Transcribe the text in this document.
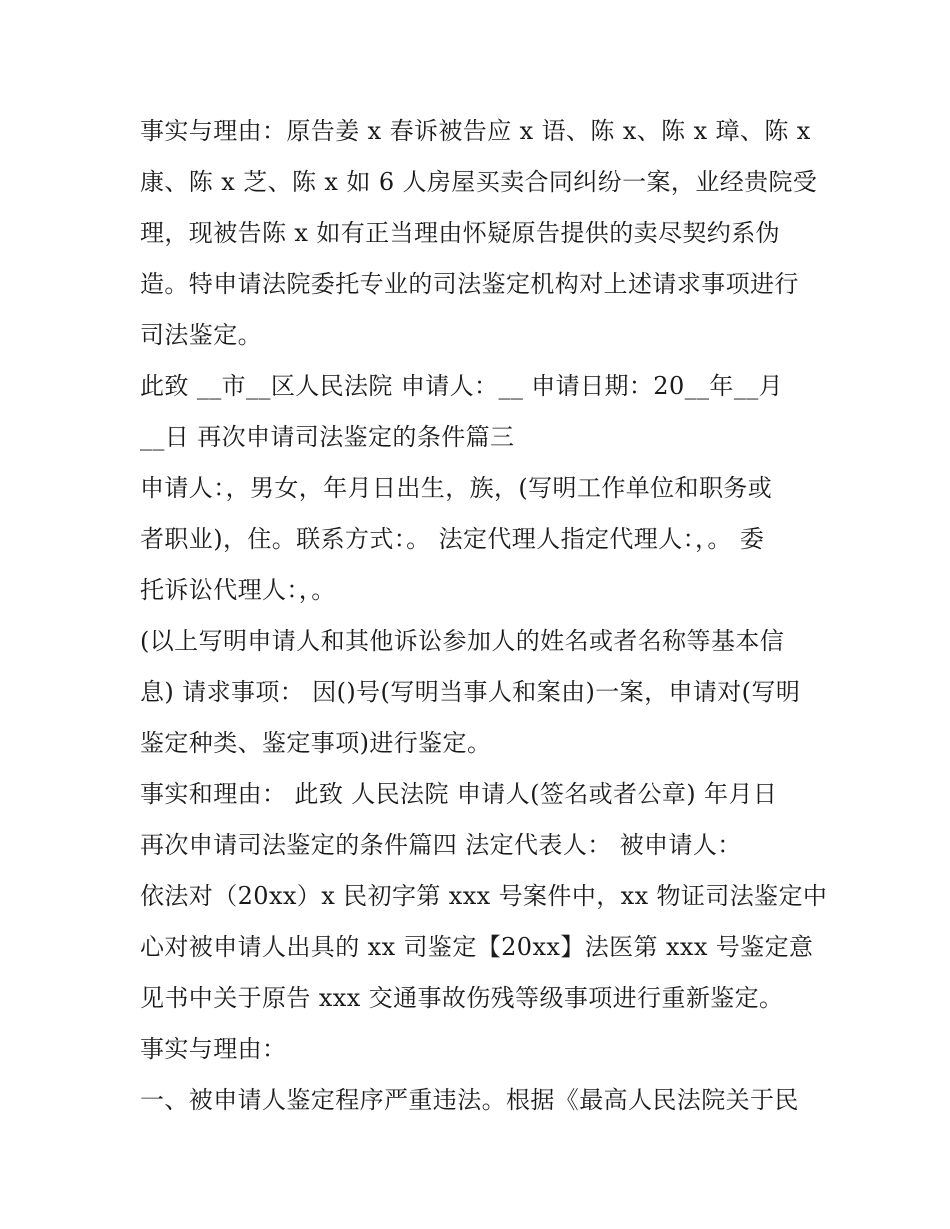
事实与理由：原告姜 x 春诉被告应 x 语、陈 x、陈 x 璋、陈 x
康、陈 x 芝、陈 x 如 6 人房屋买卖合同纠纷一案，业经贵院受
理，现被告陈 x 如有正当理由怀疑原告提供的卖尽契约系伪
造。特申请法院委托专业的司法鉴定机构对上述请求事项进行
司法鉴定。
此致 __市__区人民法院 申请人：__ 申请日期：20__年__月
__日 再次申请司法鉴定的条件篇三
申请人：，男女，年月日出生，族，(写明工作单位和职务或
者职业)，住。联系方式：。 法定代理人指定代理人：，。 委
托诉讼代理人：，。
(以上写明申请人和其他诉讼参加人的姓名或者名称等基本信
息) 请求事项： 因()号(写明当事人和案由)一案，申请对(写明
鉴定种类、鉴定事项)进行鉴定。
事实和理由： 此致 人民法院 申请人(签名或者公章) 年月日
再次申请司法鉴定的条件篇四 法定代表人： 被申请人：
依法对（20xx）x 民初字第 xxx 号案件中，xx 物证司法鉴定中
心对被申请人出具的 xx 司鉴定【20xx】法医第 xxx 号鉴定意
见书中关于原告 xxx 交通事故伤残等级事项进行重新鉴定。
事实与理由：
一、被申请人鉴定程序严重违法。根据《最高人民法院关于民
